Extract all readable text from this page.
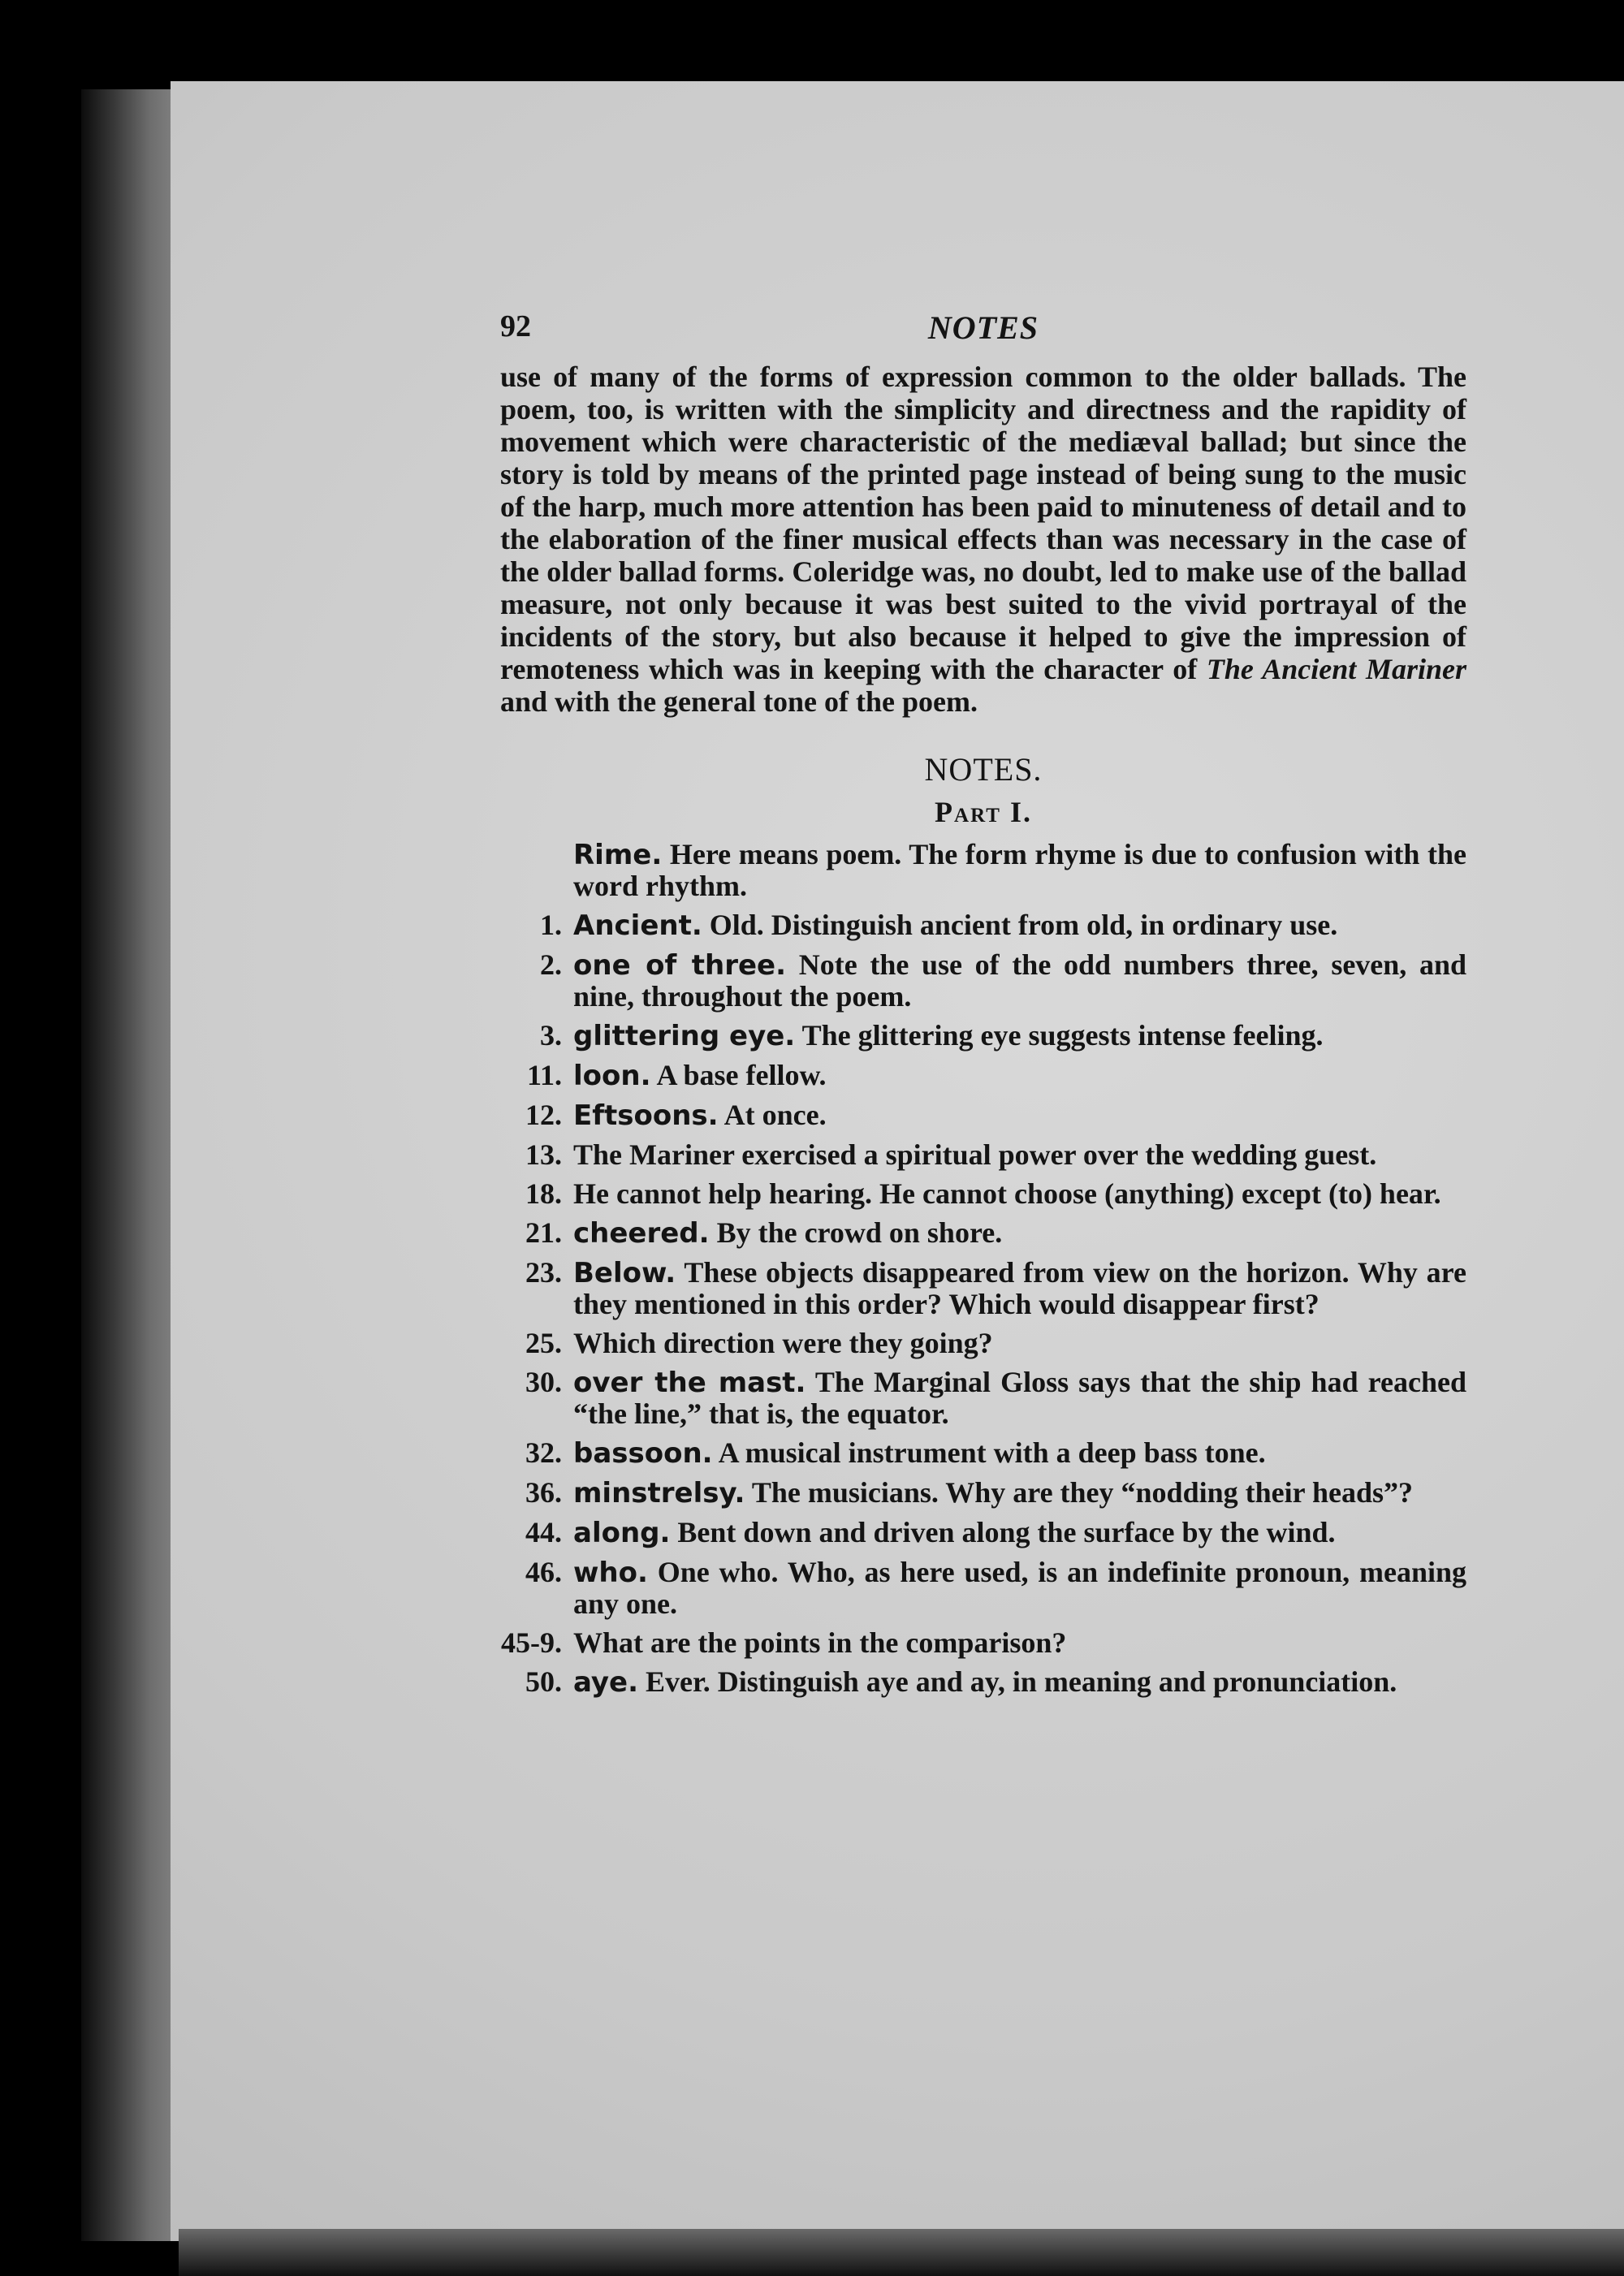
92	NOTES

use of many of the forms of expression common to the older ballads. The poem, too, is written with the simplicity and directness and the rapidity of movement which were characteristic of the mediæval ballad; but since the story is told by means of the printed page instead of being sung to the music of the harp, much more attention has been paid to minuteness of detail and to the elaboration of the finer musical effects than was necessary in the case of the older ballad forms. Coleridge was, no doubt, led to make use of the ballad measure, not only because it was best suited to the vivid portrayal of the incidents of the story, but also because it helped to give the impression of remoteness which was in keeping with the character of The Ancient Mariner and with the general tone of the poem.

NOTES.
Part I.
Rime. Here means poem. The form rhyme is due to confusion with the word rhythm.
1. Ancient. Old. Distinguish ancient from old, in ordinary use.
2. one of three. Note the use of the odd numbers three, seven, and nine, throughout the poem.
3. glittering eye. The glittering eye suggests intense feeling.
11. loon. A base fellow.
12. Eftsoons. At once.
13. The Mariner exercised a spiritual power over the wedding guest.
18. He cannot help hearing. He cannot choose (anything) except (to) hear.
21. cheered. By the crowd on shore.
23. Below. These objects disappeared from view on the horizon. Why are they mentioned in this order? Which would disappear first?
25. Which direction were they going?
30. over the mast. The Marginal Gloss says that the ship had reached “the line,” that is, the equator.
32. bassoon. A musical instrument with a deep bass tone.
36. minstrelsy. The musicians. Why are they “nodding their heads”?
44. along. Bent down and driven along the surface by the wind.
46. who. One who. Who, as here used, is an indefinite pronoun, meaning any one.
45-9. What are the points in the comparison?
50. aye. Ever. Distinguish aye and ay, in meaning and pronunciation.
